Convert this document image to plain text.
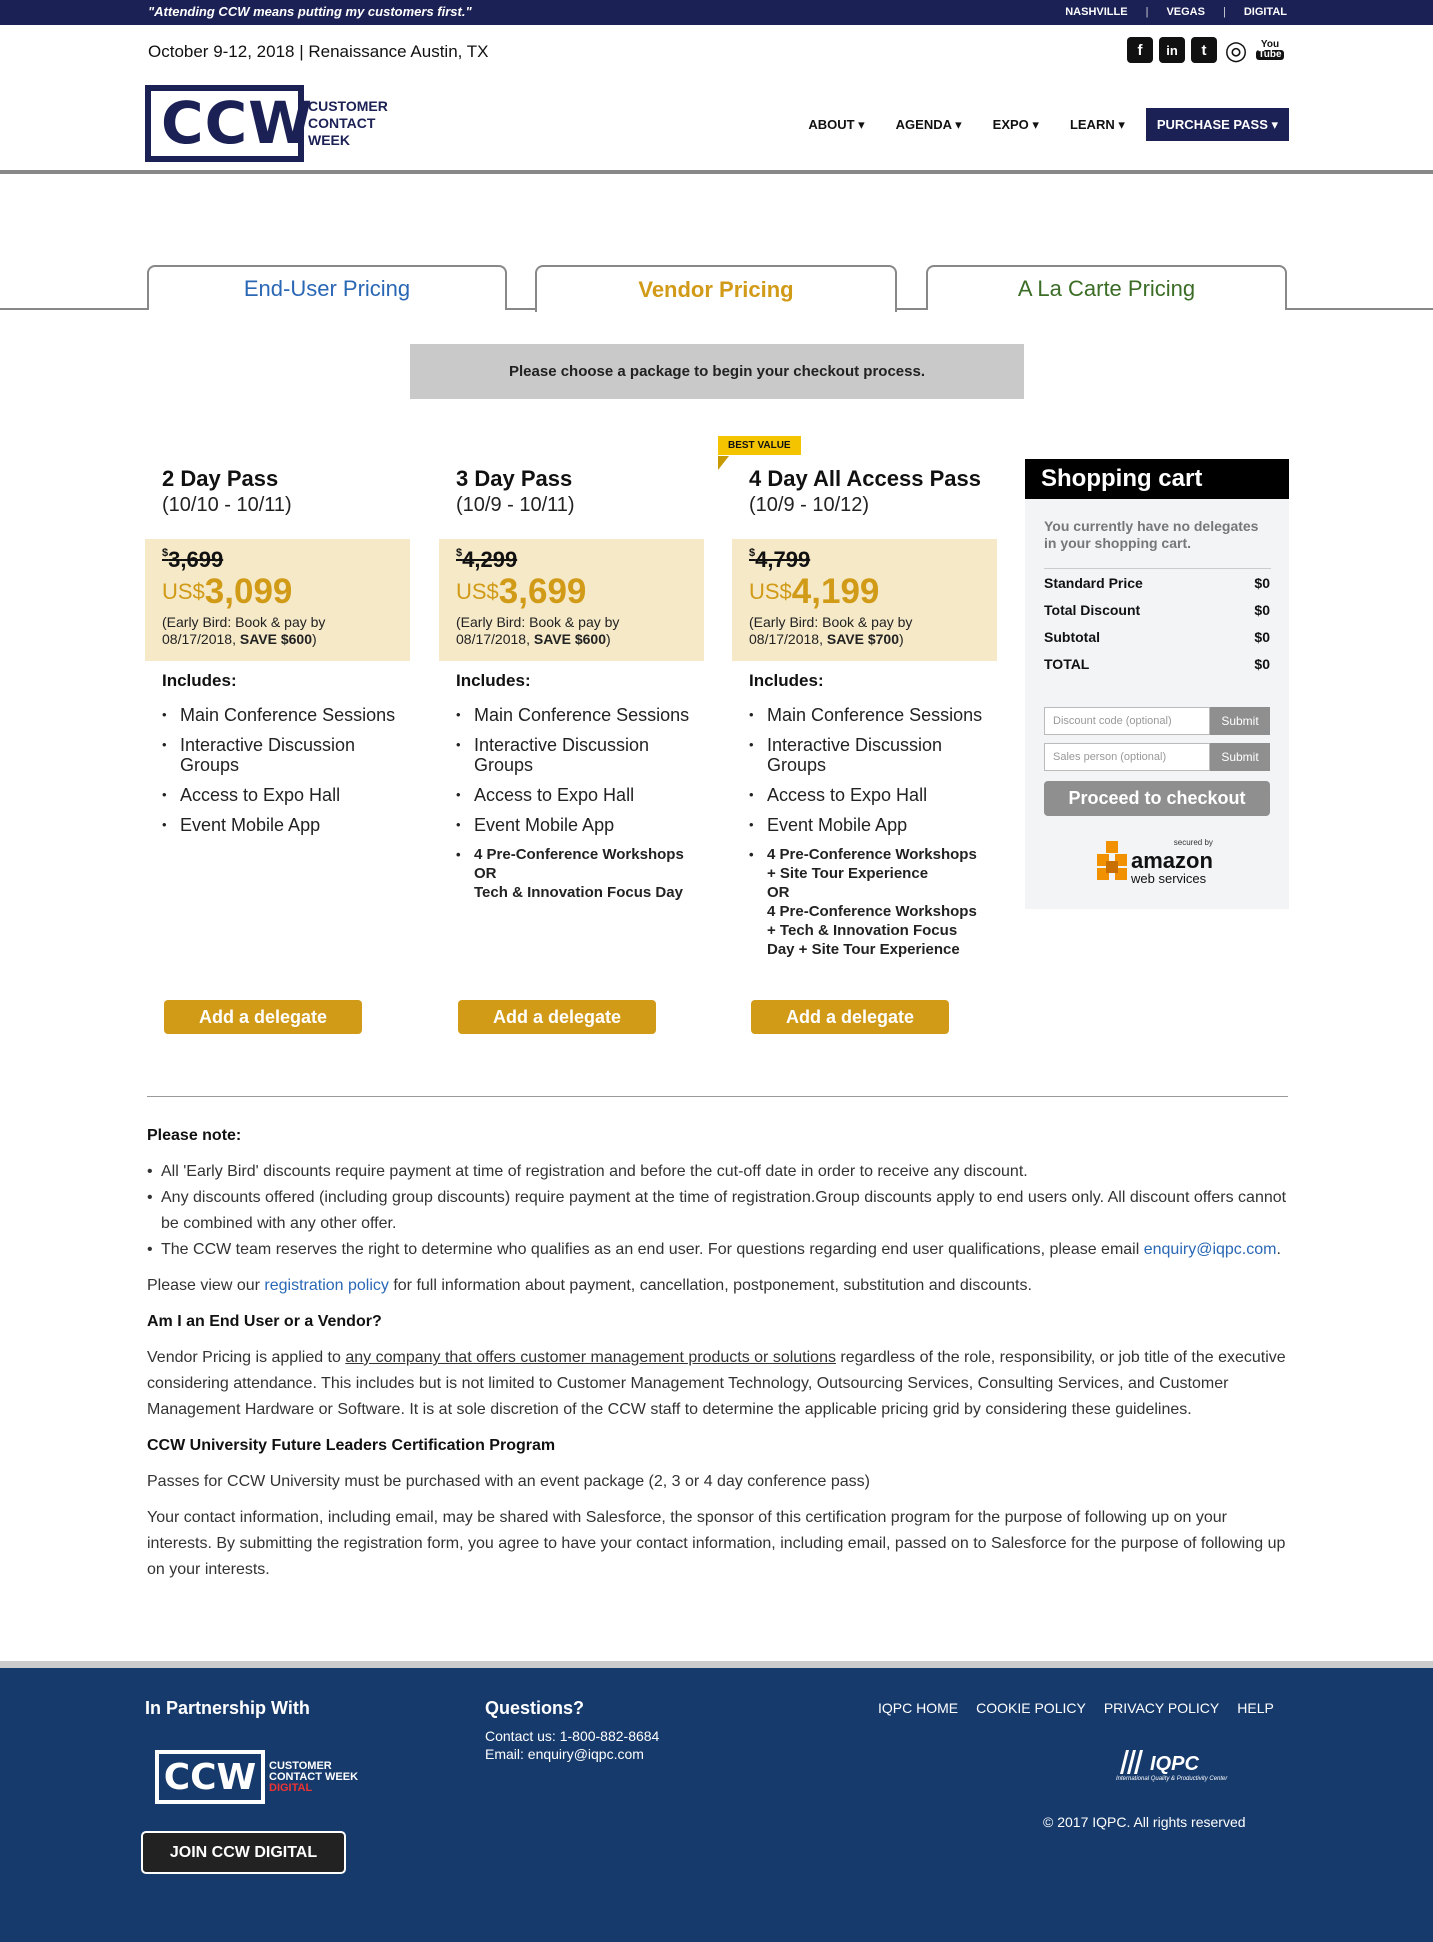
"Attending CCW means putting my customers first."	NASHVILLE | VEGAS | DIGITAL
October 9-12, 2018 | Renaissance Austin, TX	f	in	t ◎ You
Tube
CCW
CUSTOMER
CONTACT
WEEK
ABOUT ▾ AGENDA ▾ EXPO ▾ LEARN ▾	PURCHASE PASS ▾
End-User Pricing	Vendor Pricing	A La Carte Pricing
Please choose a package to begin your checkout process.
2 Day Pass
(10/10 - 10/11)
$3,699
$^{US\$}$3,099
(Early Bird: Book & pay by
08/17/2018, SAVE $600)
Includes:
• Main Conference Sessions
• Interactive Discussion Groups
• Access to Expo Hall
• Event Mobile App
3 Day Pass
(10/9 - 10/11)
$4,299
$^{US\$}$3,699
(Early Bird: Book & pay by
08/17/2018, SAVE $600)
Includes:
• Main Conference Sessions
• Interactive Discussion Groups
• Access to Expo Hall
• Event Mobile App
• 4 Pre-Conference Workshops
OR
Tech & Innovation Focus Day
4 Day All Access Pass
(10/9 - 10/12)
$4,799
$^{US\$}$4,199
(Early Bird: Book & pay by
08/17/2018, SAVE $700)
Includes:
• Main Conference Sessions
• Interactive Discussion Groups
• Access to Expo Hall
• Event Mobile App
• 4 Pre-Conference Workshops
+ Site Tour Experience
OR
4 Pre-Conference Workshops
+ Tech & Innovation Focus
Day + Site Tour Experience
BEST VALUE
Add a delegate	Add a delegate	Add a delegate
Shopping cart
You currently have no delegates in your shopping cart.
Standard Price	$0
Total Discount	$0
Subtotal	$0
TOTAL	$0
Discount code (optional)	Submit
Sales person (optional)	Submit
Proceed to checkout
secured by
amazon
web services
Please note:
• All 'Early Bird' discounts require payment at time of registration and before the cut-off date in order to receive any discount.
• Any discounts offered (including group discounts) require payment at the time of registration.Group discounts apply to end users only. All discount offers cannot be combined with any other offer.
• The CCW team reserves the right to determine who qualifies as an end user. For questions regarding end user qualifications, please email enquiry@iqpc.com.

Please view our registration policy for full information about payment, cancellation, postponement, substitution and discounts.

Am I an End User or a Vendor?

Vendor Pricing is applied to any company that offers customer management products or solutions regardless of the role, responsibility, or job title of the executive considering attendance. This includes but is not limited to Customer Management Technology, Outsourcing Services, Consulting Services, and Customer Management Hardware or Software. It is at sole discretion of the CCW staff to determine the applicable pricing grid by considering these guidelines.

CCW University Future Leaders Certification Program

Passes for CCW University must be purchased with an event package (2, 3 or 4 day conference pass)

Your contact information, including email, may be shared with Salesforce, the sponsor of this certification program for the purpose of following up on your interests. By submitting the registration form, you agree to have your contact information, including email, passed on to Salesforce for the purpose of following up on your interests.

In Partnership With
CCW	CUSTOMER
CONTACT WEEK
DIGITAL
JOIN CCW DIGITAL
Questions?
Contact us: 1-800-882-8684
Email: enquiry@iqpc.com
IQPC HOME COOKIE POLICY PRIVACY POLICY HELP
IQPC
International Quality & Productivity Center
© 2017 IQPC. All rights reserved
